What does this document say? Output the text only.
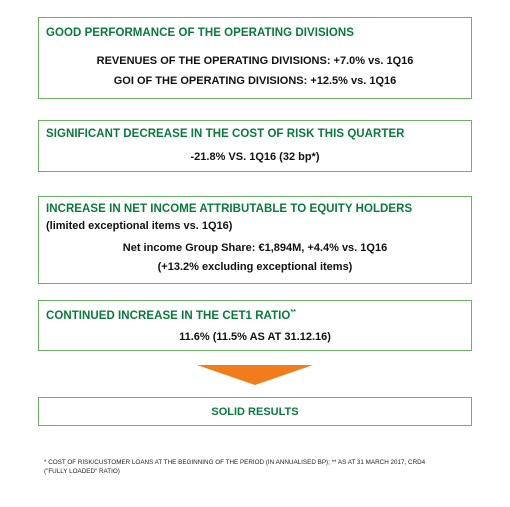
GOOD PERFORMANCE OF THE OPERATING DIVISIONS
REVENUES OF THE OPERATING DIVISIONS: +7.0% vs. 1Q16
GOI OF THE OPERATING DIVISIONS: +12.5% vs. 1Q16
SIGNIFICANT DECREASE IN THE COST OF RISK THIS QUARTER
-21.8% VS. 1Q16 (32 bp*)
INCREASE IN NET INCOME ATTRIBUTABLE TO EQUITY HOLDERS
(limited exceptional items vs. 1Q16)
Net income Group Share: €1,894M, +4.4% vs. 1Q16
(+13.2% excluding exceptional items)
CONTINUED INCREASE IN THE CET1 RATIO**
11.6% (11.5% AS AT 31.12.16)
SOLID RESULTS
* COST OF RISK/CUSTOMER LOANS AT THE BEGINNING OF THE PERIOD (IN ANNUALISED BP); ** AS AT 31 MARCH 2017, CRD4
("FULLY LOADED" RATIO)
